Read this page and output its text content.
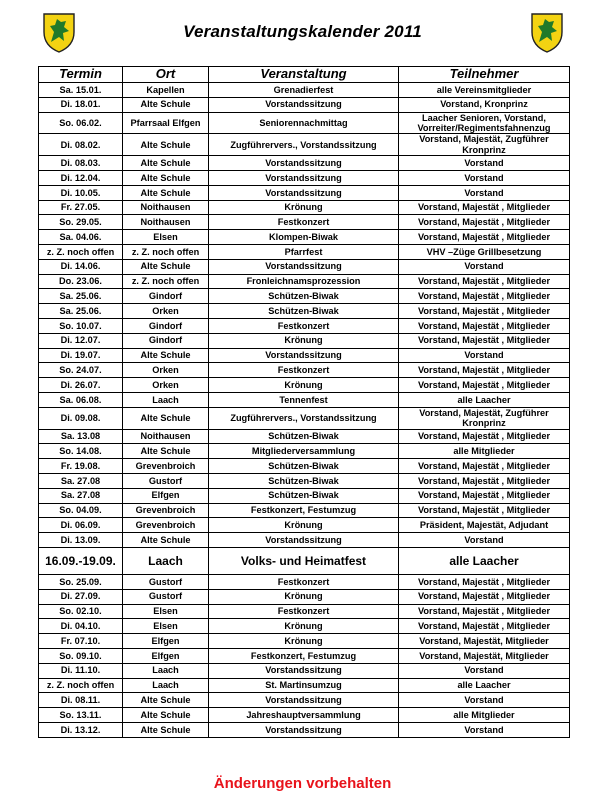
Veranstaltungskalender 2011
Termin	Ort	Veranstaltung	Teilnehmer
Sa. 15.01.	Kapellen	Grenadierfest	alle Vereinsmitglieder
Di. 18.01.	Alte Schule	Vorstandssitzung	Vorstand, Kronprinz
So. 06.02.	Pfarrsaal Elfgen	Seniorennachmittag	Laacher Senioren, Vorstand, Vorreiter/Regimentsfahnenzug
Di. 08.02.	Alte Schule	Zugführervers., Vorstandssitzung	Vorstand, Majestät, Zugführer Kronprinz
Di. 08.03.	Alte Schule	Vorstandssitzung	Vorstand
Di. 12.04.	Alte Schule	Vorstandssitzung	Vorstand
Di. 10.05.	Alte Schule	Vorstandssitzung	Vorstand
Fr. 27.05.	Noithausen	Krönung	Vorstand, Majestät , Mitglieder
So. 29.05.	Noithausen	Festkonzert	Vorstand, Majestät , Mitglieder
Sa. 04.06.	Elsen	Klompen-Biwak	Vorstand, Majestät , Mitglieder
z. Z. noch offen	z. Z. noch offen	Pfarrfest	VHV –Züge Grillbesetzung
Di. 14.06.	Alte Schule	Vorstandssitzung	Vorstand
Do. 23.06.	z. Z. noch offen	Fronleichnamsprozession	Vorstand, Majestät , Mitglieder
Sa. 25.06.	Gindorf	Schützen-Biwak	Vorstand, Majestät , Mitglieder
Sa. 25.06.	Orken	Schützen-Biwak	Vorstand, Majestät , Mitglieder
So. 10.07.	Gindorf	Festkonzert	Vorstand, Majestät , Mitglieder
Di. 12.07.	Gindorf	Krönung	Vorstand, Majestät , Mitglieder
Di. 19.07.	Alte Schule	Vorstandssitzung	Vorstand
So. 24.07.	Orken	Festkonzert	Vorstand, Majestät , Mitglieder
Di. 26.07.	Orken	Krönung	Vorstand, Majestät , Mitglieder
Sa. 06.08.	Laach	Tennenfest	alle Laacher
Di. 09.08.	Alte Schule	Zugführervers., Vorstandssitzung	Vorstand, Majestät, Zugführer Kronprinz
Sa. 13.08	Noithausen	Schützen-Biwak	Vorstand, Majestät , Mitglieder
So. 14.08.	Alte Schule	Mitgliederversammlung	alle Mitglieder
Fr. 19.08.	Grevenbroich	Schützen-Biwak	Vorstand, Majestät , Mitglieder
Sa. 27.08	Gustorf	Schützen-Biwak	Vorstand, Majestät , Mitglieder
Sa. 27.08	Elfgen	Schützen-Biwak	Vorstand, Majestät , Mitglieder
So. 04.09.	Grevenbroich	Festkonzert, Festumzug	Vorstand, Majestät , Mitglieder
Di. 06.09.	Grevenbroich	Krönung	Präsident, Majestät, Adjudant
Di. 13.09.	Alte Schule	Vorstandssitzung	Vorstand
16.09.-19.09.	Laach	Volks- und Heimatfest	alle Laacher
So. 25.09.	Gustorf	Festkonzert	Vorstand, Majestät , Mitglieder
Di. 27.09.	Gustorf	Krönung	Vorstand, Majestät , Mitglieder
So. 02.10.	Elsen	Festkonzert	Vorstand, Majestät , Mitglieder
Di. 04.10.	Elsen	Krönung	Vorstand, Majestät , Mitglieder
Fr. 07.10.	Elfgen	Krönung	Vorstand, Majestät, Mitglieder
So. 09.10.	Elfgen	Festkonzert, Festumzug	Vorstand, Majestät, Mitglieder
Di. 11.10.	Laach	Vorstandssitzung	Vorstand
z. Z. noch offen	Laach	St. Martinsumzug	alle Laacher
Di. 08.11.	Alte Schule	Vorstandssitzung	Vorstand
So. 13.11.	Alte Schule	Jahreshauptversammlung	alle Mitglieder
Di. 13.12.	Alte Schule	Vorstandssitzung	Vorstand
Änderungen vorbehalten
